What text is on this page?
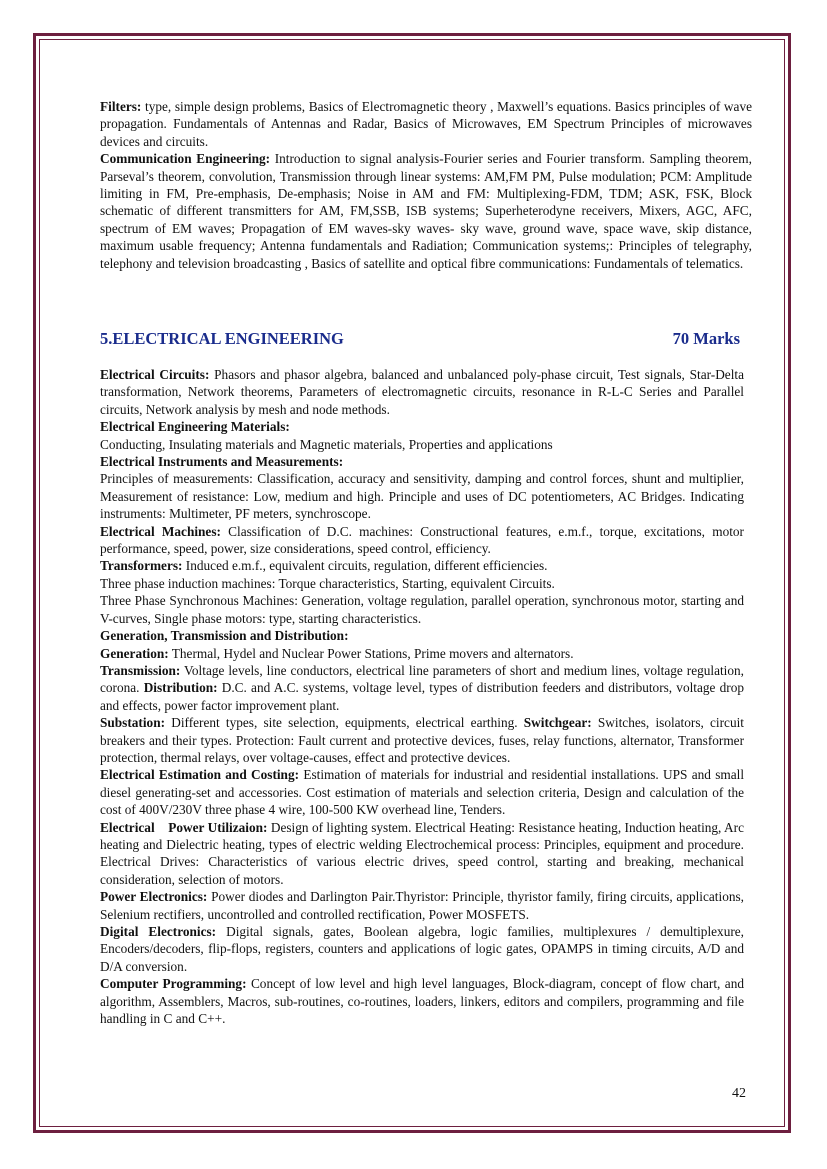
Filters: type, simple design problems, Basics of Electromagnetic theory , Maxwell’s equations. Basics principles of wave propagation. Fundamentals of Antennas and Radar, Basics of Microwaves, EM Spectrum Principles of microwaves devices and circuits.

Communication Engineering: Introduction to signal analysis-Fourier series and Fourier transform. Sampling theorem, Parseval’s theorem, convolution, Transmission through linear systems: AM,FM PM, Pulse modulation; PCM: Amplitude limiting in FM, Pre-emphasis, De-emphasis; Noise in AM and FM: Multiplexing-FDM, TDM; ASK, FSK, Block schematic of different transmitters for AM, FM,SSB, ISB systems; Superheterodyne receivers, Mixers, AGC, AFC, spectrum of EM waves; Propagation of EM waves-sky waves- sky wave, ground wave, space wave, skip distance, maximum usable frequency; Antenna fundamentals and Radiation; Communication systems;: Principles of telegraphy, telephony and television broadcasting , Basics of satellite and optical fibre communications: Fundamentals of telematics.

5.ELECTRICAL ENGINEERING	70 Marks

Electrical Circuits: Phasors and phasor algebra, balanced and unbalanced poly-phase circuit, Test signals, Star-Delta transformation, Network theorems, Parameters of electromagnetic circuits, resonance in R-L-C Series and Parallel circuits, Network analysis by mesh and node methods.

Electrical Engineering Materials:

Conducting, Insulating materials and Magnetic materials, Properties and applications

Electrical Instruments and Measurements:

Principles of measurements: Classification, accuracy and sensitivity, damping and control forces, shunt and multiplier, Measurement of resistance: Low, medium and high. Principle and uses of DC potentiometers, AC Bridges. Indicating instruments: Multimeter, PF meters, synchroscope.

Electrical Machines: Classification of D.C. machines: Constructional features, e.m.f., torque, excitations, motor performance, speed, power, size considerations, speed control, efficiency.

Transformers: Induced e.m.f., equivalent circuits, regulation, different efficiencies.

Three phase induction machines: Torque characteristics, Starting, equivalent Circuits.

Three Phase Synchronous Machines: Generation, voltage regulation, parallel operation, synchronous motor, starting and V-curves, Single phase motors: type, starting characteristics.

Generation, Transmission and Distribution:

Generation: Thermal, Hydel and Nuclear Power Stations, Prime movers and alternators.

Transmission: Voltage levels, line conductors, electrical line parameters of short and medium lines, voltage regulation, corona. Distribution: D.C. and A.C. systems, voltage level, types of distribution feeders and distributors, voltage drop and effects, power factor improvement plant.

Substation: Different types, site selection, equipments, electrical earthing. Switchgear: Switches, isolators, circuit breakers and their types. Protection: Fault current and protective devices, fuses, relay functions, alternator, Transformer protection, thermal relays, over voltage-causes, effect and protective devices.

Electrical Estimation and Costing: Estimation of materials for industrial and residential installations. UPS and small diesel generating-set and accessories. Cost estimation of materials and selection criteria, Design and calculation of the cost of 400V/230V three phase 4 wire, 100-500 KW overhead line, Tenders.

Electrical    Power Utilizaion: Design of lighting system. Electrical Heating: Resistance heating, Induction heating, Arc heating and Dielectric heating, types of electric welding Electrochemical process: Principles, equipment and procedure. Electrical Drives: Characteristics of various electric drives, speed control, starting and breaking, mechanical consideration, selection of motors.

Power Electronics: Power diodes and Darlington Pair.Thyristor: Principle, thyristor family, firing circuits, applications, Selenium rectifiers, uncontrolled and controlled rectification, Power MOSFETS.

Digital Electronics: Digital signals, gates, Boolean algebra, logic families, multiplexures / demultiplexure, Encoders/decoders, flip-flops, registers, counters and applications of logic gates, OPAMPS in timing circuits, A/D and D/A conversion.

Computer Programming: Concept of low level and high level languages, Block-diagram, concept of flow chart, and algorithm, Assemblers, Macros, sub-routines, co-routines, loaders, linkers, editors and compilers, programming and file handling in C and C++.

42
